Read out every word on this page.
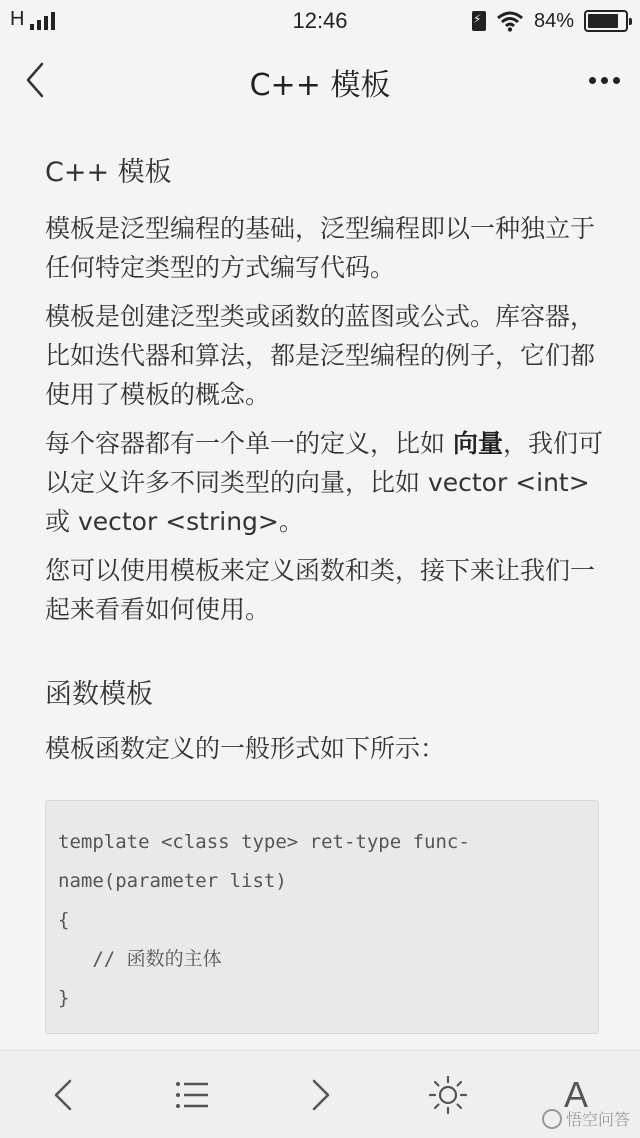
H	12:46
⚡	84%
C++ 模板
C++ 模板
模板是泛型编程的基础，泛型编程即以一种独立于任何特定类型的方式编写代码。
模板是创建泛型类或函数的蓝图或公式。库容器，比如迭代器和算法，都是泛型编程的例子，它们都使用了模板的概念。
每个容器都有一个单一的定义，比如 向量，我们可以定义许多不同类型的向量，比如 vector <int> 或 vector <string>。
您可以使用模板来定义函数和类，接下来让我们一起来看看如何使用。
函数模板
模板函数定义的一般形式如下所示：
template <class type> ret-type func-
name(parameter list)
{
// 函数的主体
}
A
悟空问答
